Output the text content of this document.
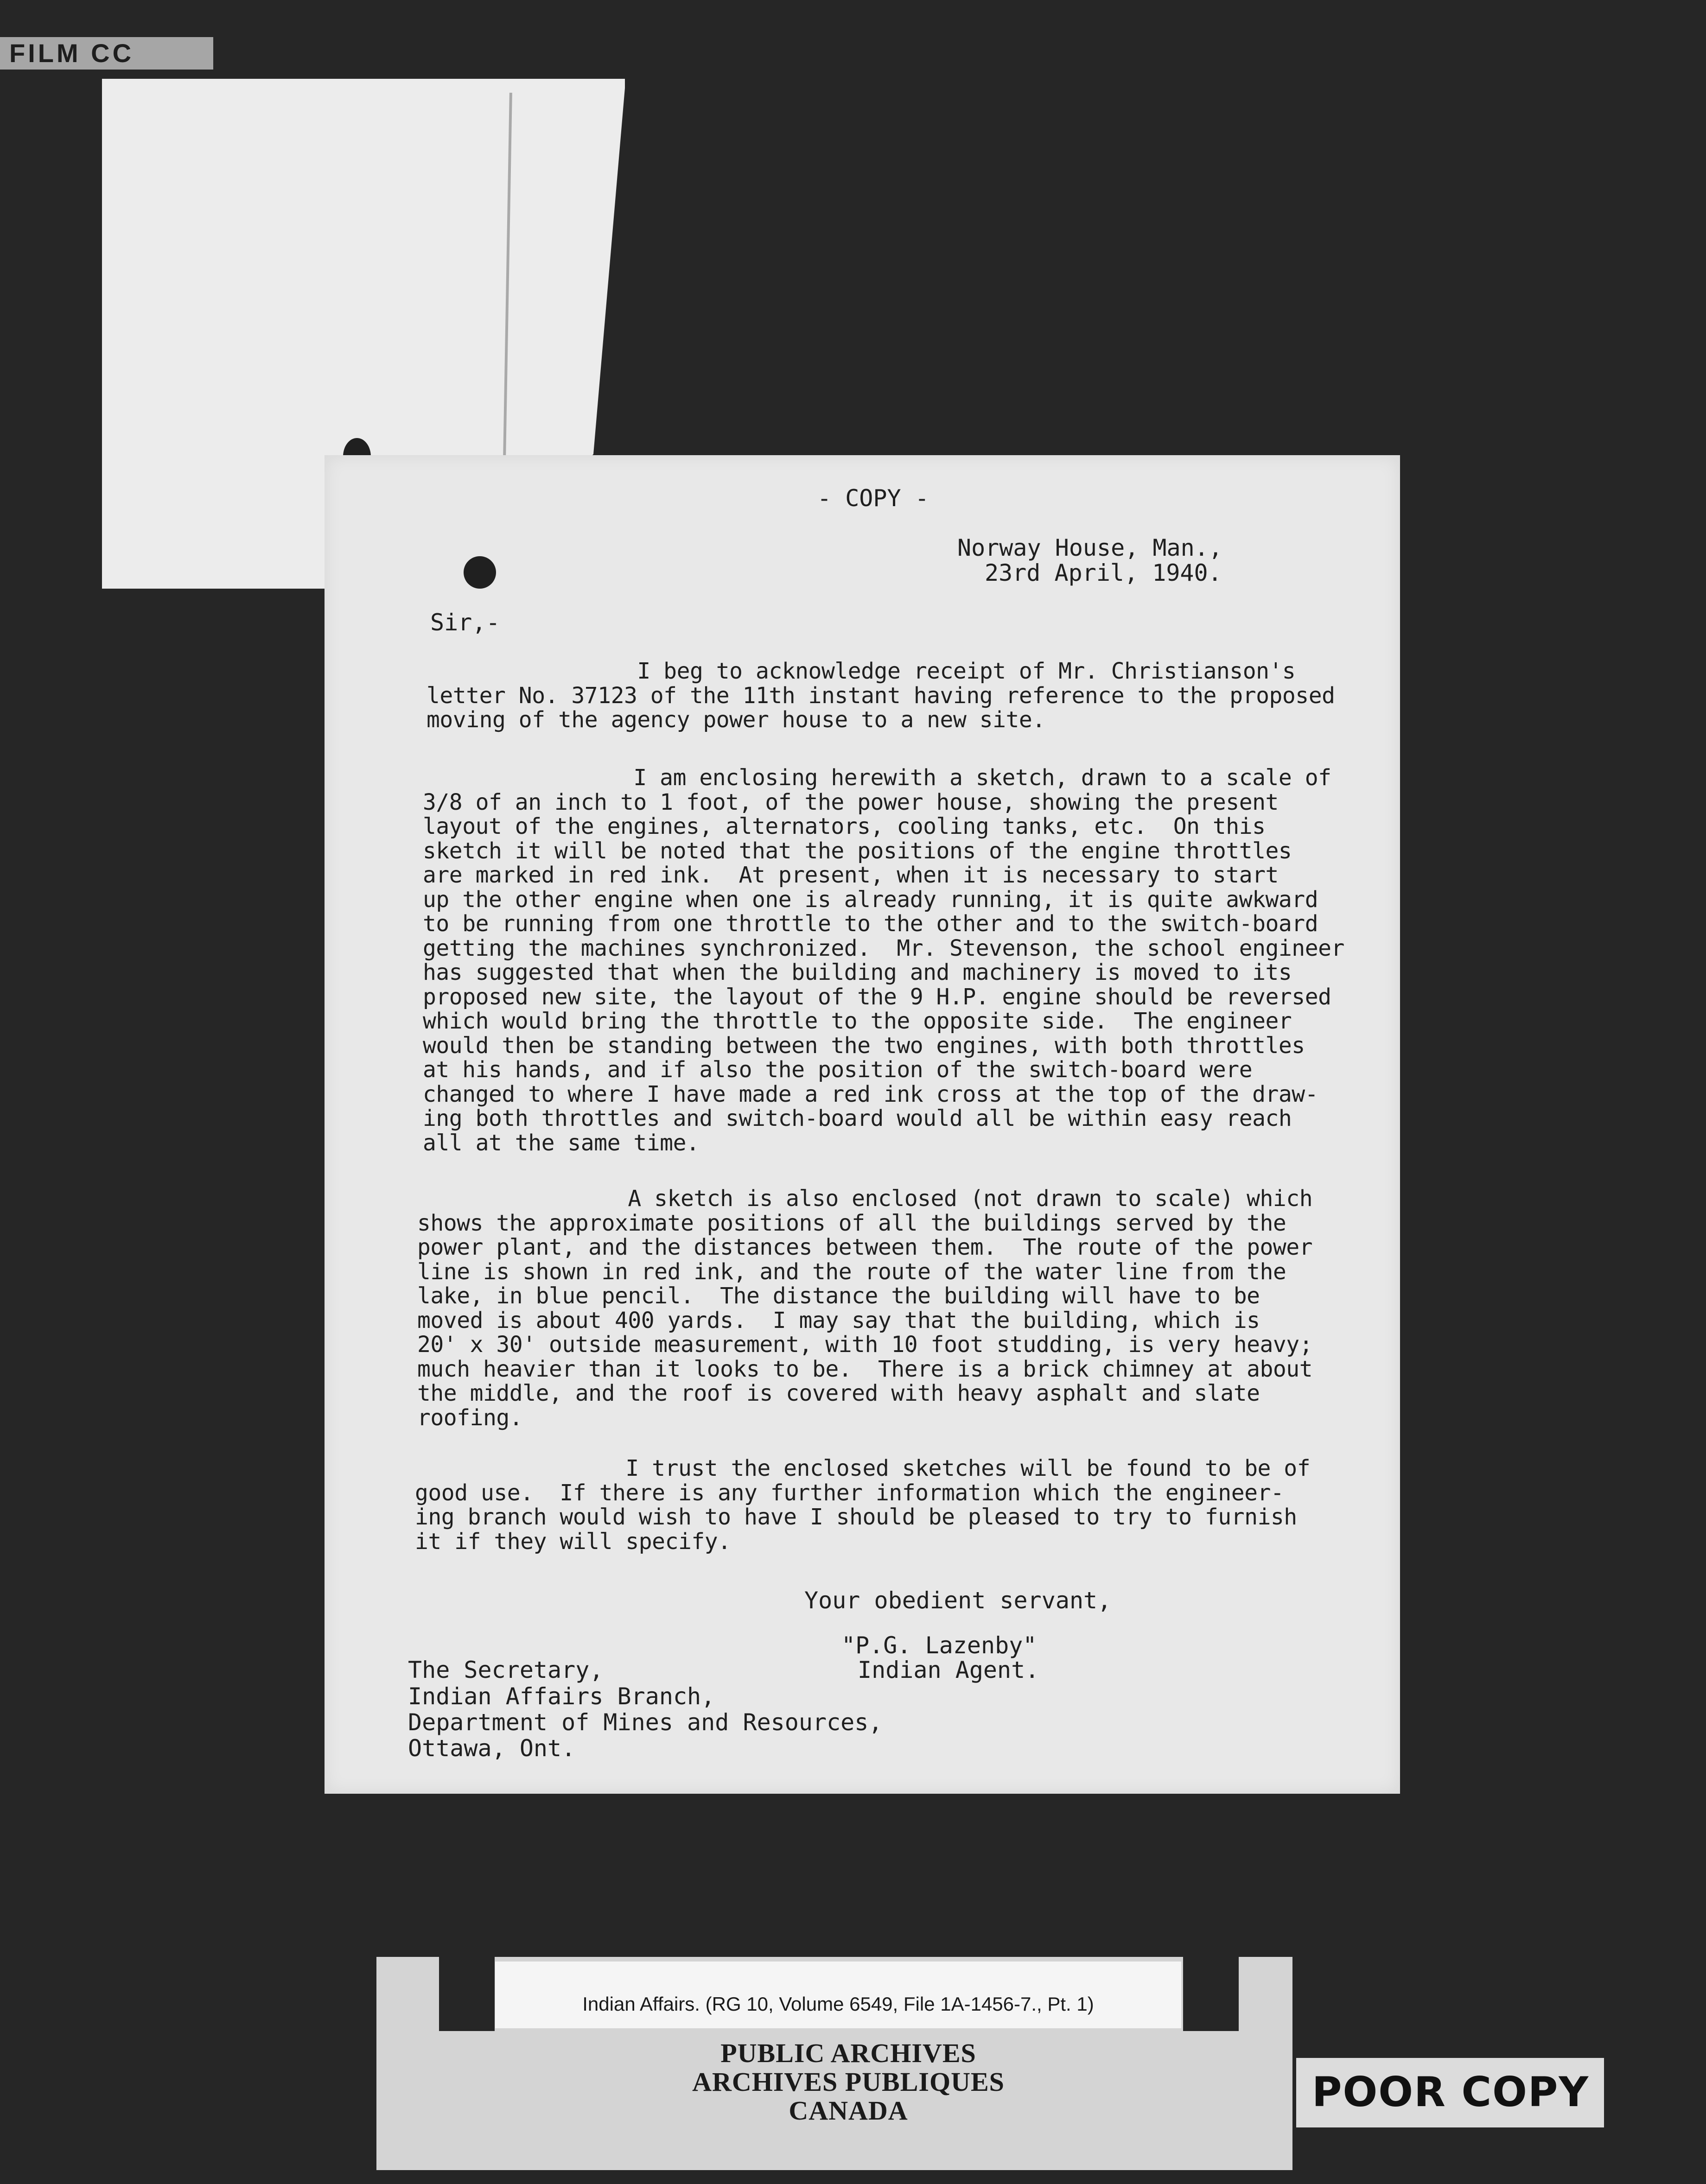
FILM CC
- COPY -
Norway House, Man.,
23rd April, 1940.
Sir,-
I beg to acknowledge receipt of Mr. Christianson's
letter No. 37123 of the 11th instant having reference to the proposed
moving of the agency power house to a new site.
I am enclosing herewith a sketch, drawn to a scale of
3/8 of an inch to 1 foot, of the power house, showing the present
layout of the engines, alternators, cooling tanks, etc.  On this
sketch it will be noted that the positions of the engine throttles
are marked in red ink.  At present, when it is necessary to start
up the other engine when one is already running, it is quite awkward
to be running from one throttle to the other and to the switch-board
getting the machines synchronized.  Mr. Stevenson, the school engineer
has suggested that when the building and machinery is moved to its
proposed new site, the layout of the 9 H.P. engine should be reversed
which would bring the throttle to the opposite side.  The engineer
would then be standing between the two engines, with both throttles
at his hands, and if also the position of the switch-board were
changed to where I have made a red ink cross at the top of the draw-
ing both throttles and switch-board would all be within easy reach
all at the same time.
A sketch is also enclosed (not drawn to scale) which
shows the approximate positions of all the buildings served by the
power plant, and the distances between them.  The route of the power
line is shown in red ink, and the route of the water line from the
lake, in blue pencil.  The distance the building will have to be
moved is about 400 yards.  I may say that the building, which is
20' x 30' outside measurement, with 10 foot studding, is very heavy;
much heavier than it looks to be.  There is a brick chimney at about
the middle, and the roof is covered with heavy asphalt and slate
roofing.
I trust the enclosed sketches will be found to be of
good use.  If there is any further information which the engineer-
ing branch would wish to have I should be pleased to try to furnish
it if they will specify.
Your obedient servant,
"P.G. Lazenby"
Indian Agent.
The Secretary,
Indian Affairs Branch,
Department of Mines and Resources,
Ottawa, Ont.
Indian Affairs. (RG 10, Volume 6549, File 1A-1456-7., Pt. 1)
PUBLIC ARCHIVES
ARCHIVES PUBLIQUES
CANADA	POOR COPY
